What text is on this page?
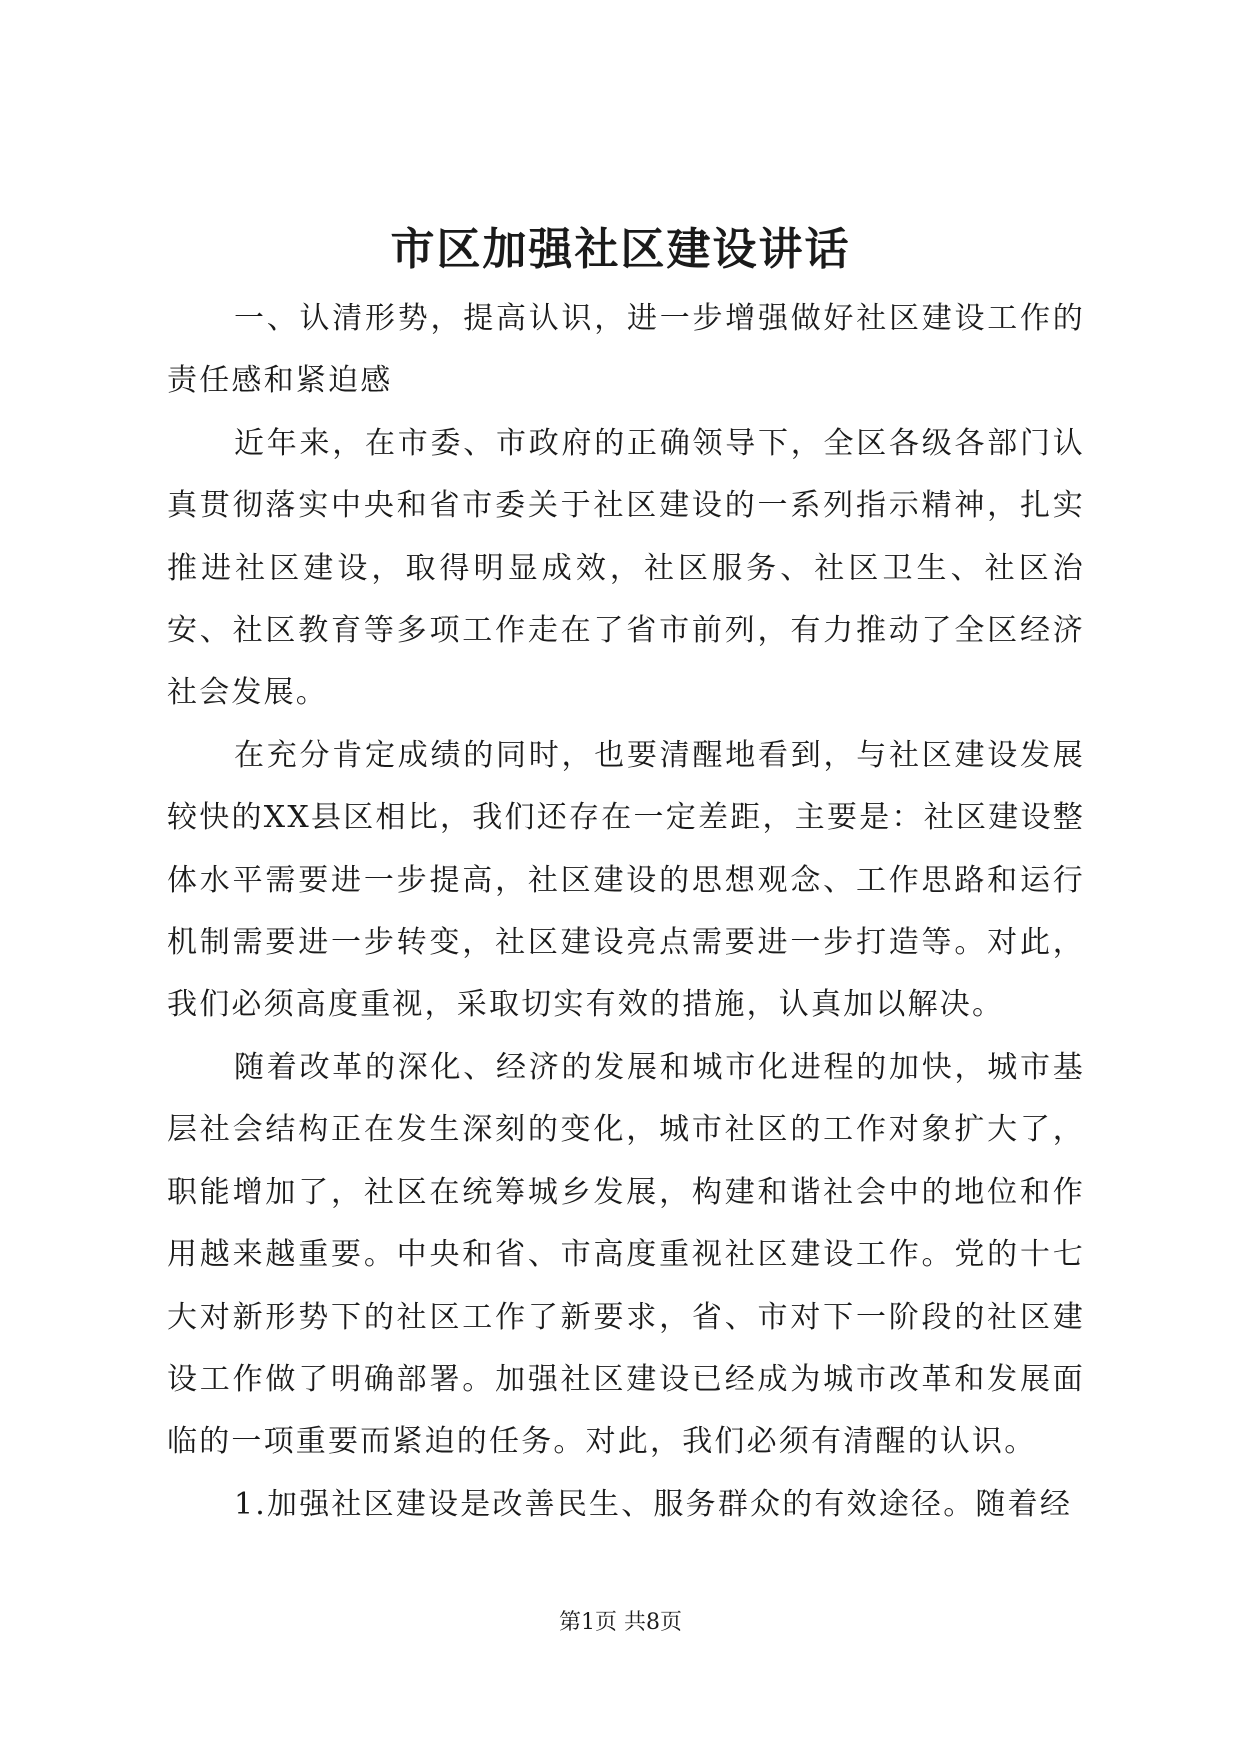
市区加强社区建设讲话

一、认清形势，提高认识，进一步增强做好社区建设工作的责任感和紧迫感

近年来，在市委、市政府的正确领导下，全区各级各部门认真贯彻落实中央和省市委关于社区建设的一系列指示精神，扎实推进社区建设，取得明显成效，社区服务、社区卫生、社区治安、社区教育等多项工作走在了省市前列，有力推动了全区经济社会发展。

在充分肯定成绩的同时，也要清醒地看到，与社区建设发展较快的XX县区相比，我们还存在一定差距，主要是：社区建设整体水平需要进一步提高，社区建设的思想观念、工作思路和运行机制需要进一步转变，社区建设亮点需要进一步打造等。对此，我们必须高度重视，采取切实有效的措施，认真加以解决。

随着改革的深化、经济的发展和城市化进程的加快，城市基层社会结构正在发生深刻的变化，城市社区的工作对象扩大了，职能增加了，社区在统筹城乡发展，构建和谐社会中的地位和作用越来越重要。中央和省、市高度重视社区建设工作。党的十七大对新形势下的社区工作了新要求，省、市对下一阶段的社区建设工作做了明确部署。加强社区建设已经成为城市改革和发展面临的一项重要而紧迫的任务。对此，我们必须有清醒的认识。

1.加强社区建设是改善民生、服务群众的有效途径。随着经

第1页 共8页
